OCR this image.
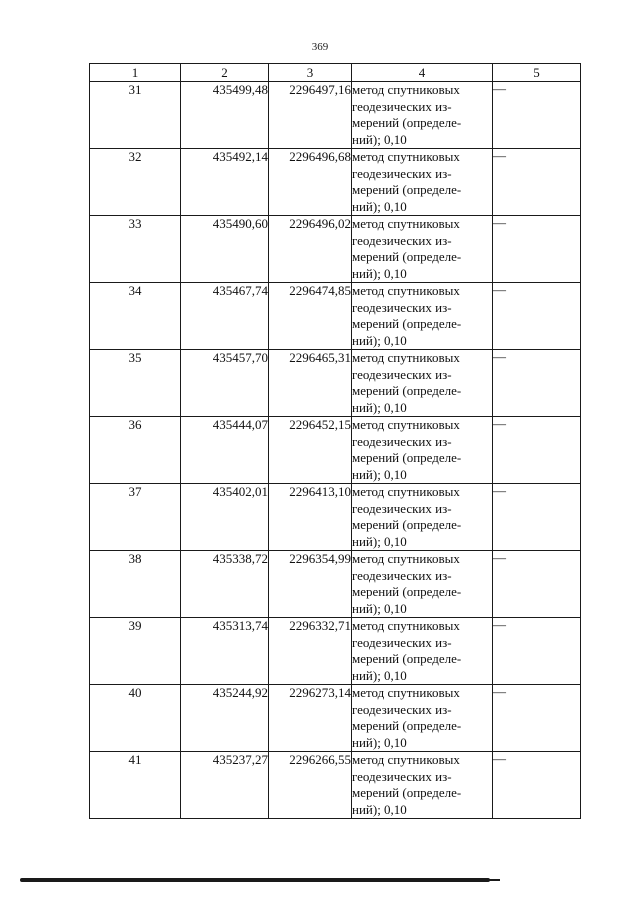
369
1	2	3	4	5
31	435499,48	2296497,16	метод спутниковых
геодезических из-
мерений (определе-
ний); 0,10	—

32	435492,14	2296496,68	метод спутниковых
геодезических из-
мерений (определе-
ний); 0,10	—

33	435490,60	2296496,02	метод спутниковых
геодезических из-
мерений (определе-
ний); 0,10	—

34	435467,74	2296474,85	метод спутниковых
геодезических из-
мерений (определе-
ний); 0,10	—

35	435457,70	2296465,31	метод спутниковых
геодезических из-
мерений (определе-
ний); 0,10	—

36	435444,07	2296452,15	метод спутниковых
геодезических из-
мерений (определе-
ний); 0,10	—

37	435402,01	2296413,10	метод спутниковых
геодезических из-
мерений (определе-
ний); 0,10	—

38	435338,72	2296354,99	метод спутниковых
геодезических из-
мерений (определе-
ний); 0,10	—

39	435313,74	2296332,71	метод спутниковых
геодезических из-
мерений (определе-
ний); 0,10	—

40	435244,92	2296273,14	метод спутниковых
геодезических из-
мерений (определе-
ний); 0,10	—

41	435237,27	2296266,55	метод спутниковых
геодезических из-
мерений (определе-
ний); 0,10	—
